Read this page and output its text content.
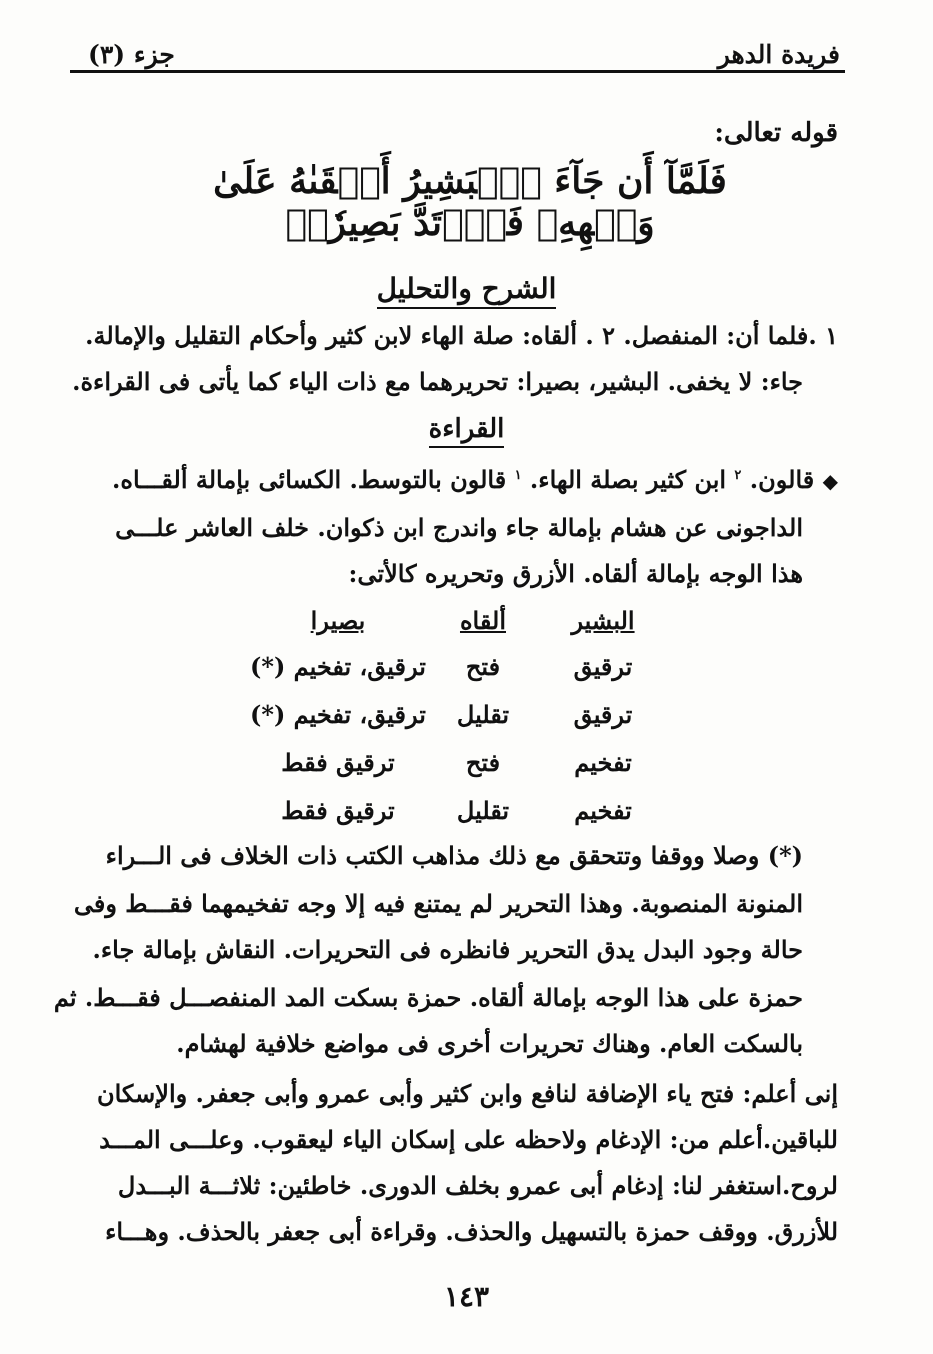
فريدة الدهر
جزء (٣)
قوله تعالى:
فَلَمَّآ أَن جَآءَ ٱلۡبَشِيرُ أَلۡقَىٰهُ عَلَىٰ وَجۡهِهِۦ فَٱرۡتَدَّ بَصِيرٗاۖ
الشرح والتحليل
١ .فلما أن: المنفصل. ٢ . ألقاه: صلة الهاء لابن كثير وأحكام التقليل والإمالة.
جاء: لا يخفى. البشير، بصيرا: تحريرهما مع ذات الياء كما يأتى فى القراءة.
القراءة
◆ قالون. $^٢$ ابن كثير بصلة الهاء. $^١$ قالون بالتوسط. الكسائى بإمالة ألقـــاه.
الداجونى عن هشام بإمالة جاء واندرج ابن ذكوان. خلف العاشر علـــى
هذا الوجه بإمالة ألقاه. الأزرق وتحريره كالأتى:
البشير
ألقاه
بصيرا
ترقيق
فتح
ترقيق، تفخيم (*)
ترقيق
تقليل
ترقيق، تفخيم (*)
تفخيم
فتح
ترقيق فقط
تفخيم
تقليل
ترقيق فقط
(*) وصلا ووقفا وتتحقق مع ذلك مذاهب الكتب ذات الخلاف فى الـــراء
المنونة المنصوبة. وهذا التحرير لم يمتنع فيه إلا وجه تفخيمهما فقـــط وفى
حالة وجود البدل يدق التحرير فانظره فى التحريرات. النقاش بإمالة جاء.
حمزة على هذا الوجه بإمالة ألقاه. حمزة بسكت المد المنفصـــل فقـــط. ثم
بالسكت العام. وهناك تحريرات أخرى فى مواضع خلافية لهشام.
إنى أعلم: فتح ياء الإضافة لنافع وابن كثير وأبى عمرو وأبى جعفر. والإسكان
للباقين.أعلم من: الإدغام ولاحظه على إسكان الياء ليعقوب. وعلـــى المـــد
لروح.استغفر لنا: إدغام أبى عمرو بخلف الدورى. خاطئين: ثلاثـــة البـــدل
للأزرق. ووقف حمزة بالتسهيل والحذف. وقراءة أبى جعفر بالحذف. وهـــاء
١٤٣
